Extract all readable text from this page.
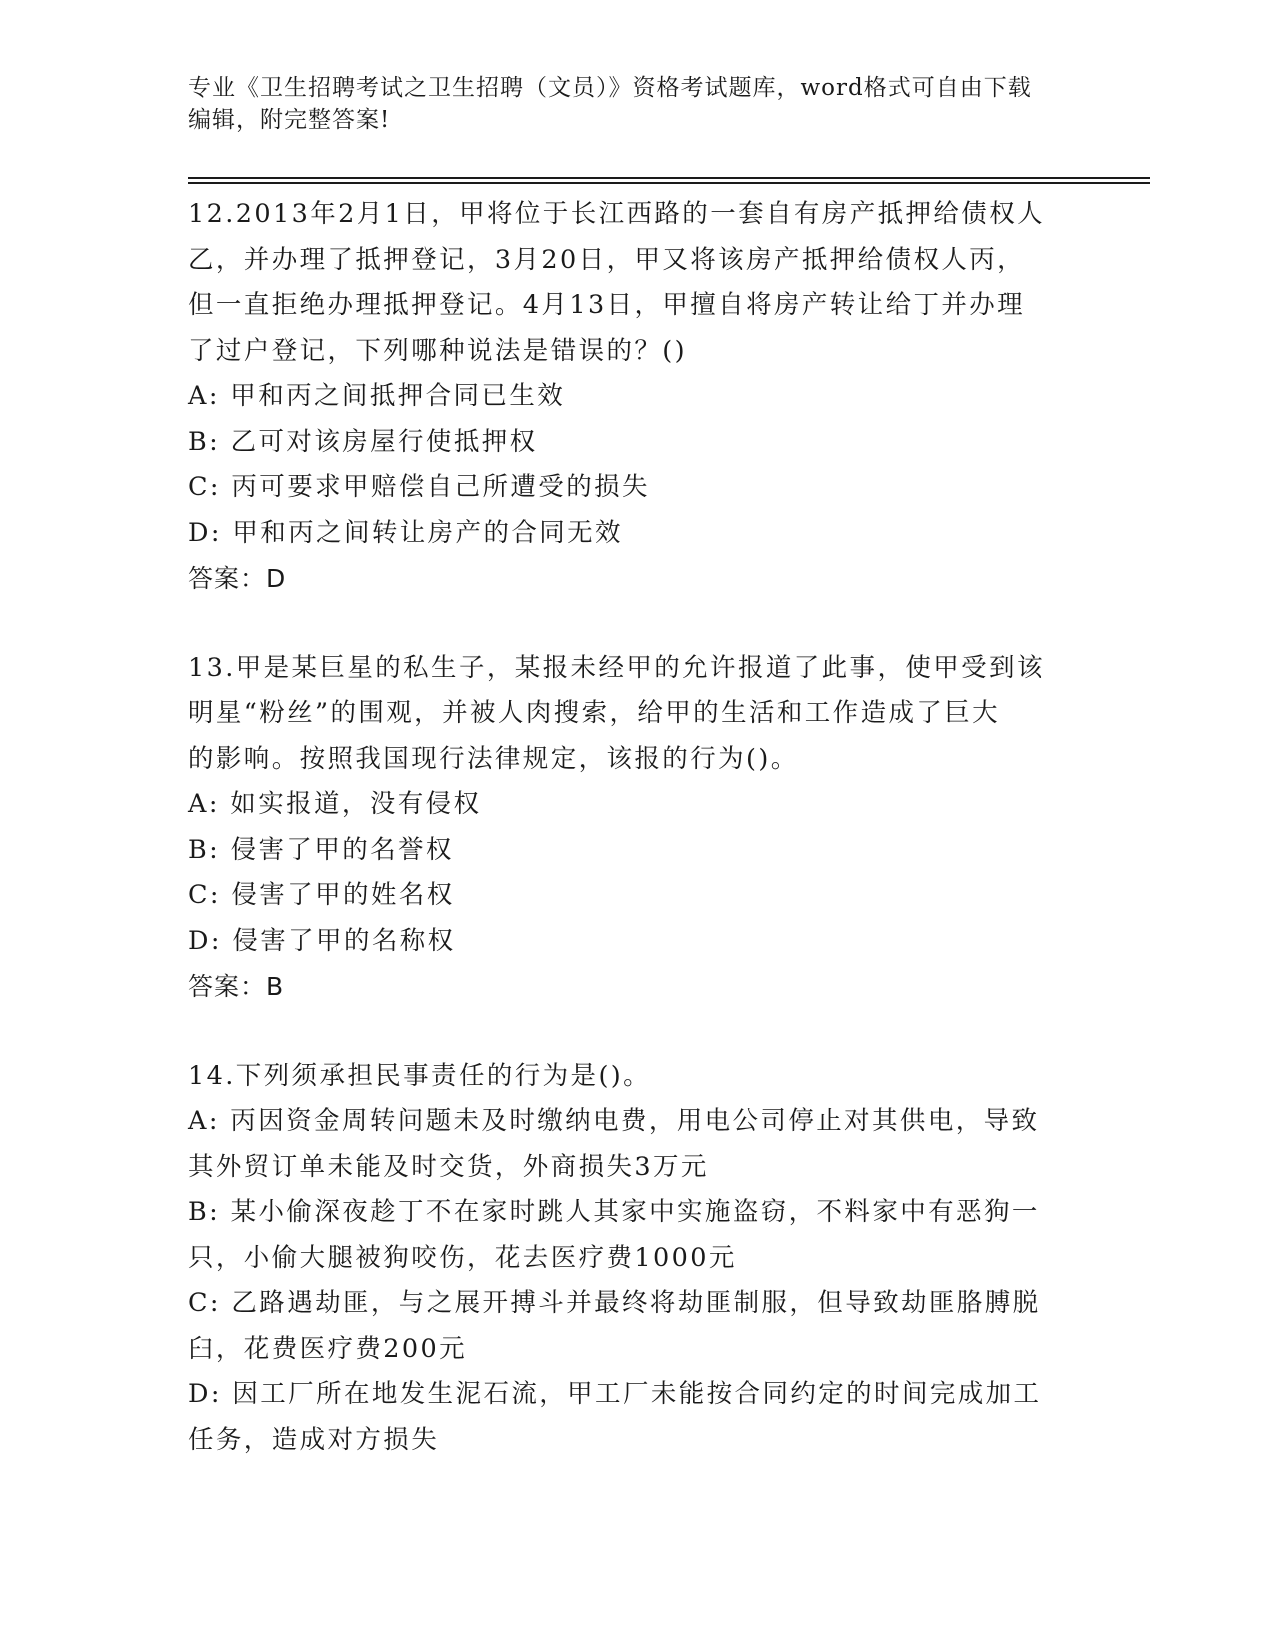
专业《卫生招聘考试之卫生招聘（文员）》资格考试题库，word格式可自由下载
编辑，附完整答案!
12.2013年2月1日，甲将位于长江西路的一套自有房产抵押给债权人
乙，并办理了抵押登记，3月20日，甲又将该房产抵押给债权人丙，
但一直拒绝办理抵押登记。4月13日，甲擅自将房产转让给丁并办理
了过户登记，下列哪种说法是错误的？()
A: 甲和丙之间抵押合同已生效
B: 乙可对该房屋行使抵押权
C: 丙可要求甲赔偿自己所遭受的损失
D: 甲和丙之间转让房产的合同无效
答案：D
13.甲是某巨星的私生子，某报未经甲的允许报道了此事，使甲受到该
明星“粉丝”的围观，并被人肉搜索，给甲的生活和工作造成了巨大
的影响。按照我国现行法律规定，该报的行为()。
A: 如实报道，没有侵权
B: 侵害了甲的名誉权
C: 侵害了甲的姓名权
D: 侵害了甲的名称权
答案：B
14.下列须承担民事责任的行为是()。
A: 丙因资金周转问题未及时缴纳电费，用电公司停止对其供电，导致
其外贸订单未能及时交货，外商损失3万元
B: 某小偷深夜趁丁不在家时跳人其家中实施盗窃，不料家中有恶狗一
只，小偷大腿被狗咬伤，花去医疗费1000元
C: 乙路遇劫匪，与之展开搏斗并最终将劫匪制服，但导致劫匪胳膊脱
臼，花费医疗费200元
D: 因工厂所在地发生泥石流，甲工厂未能按合同约定的时间完成加工
任务，造成对方损失
